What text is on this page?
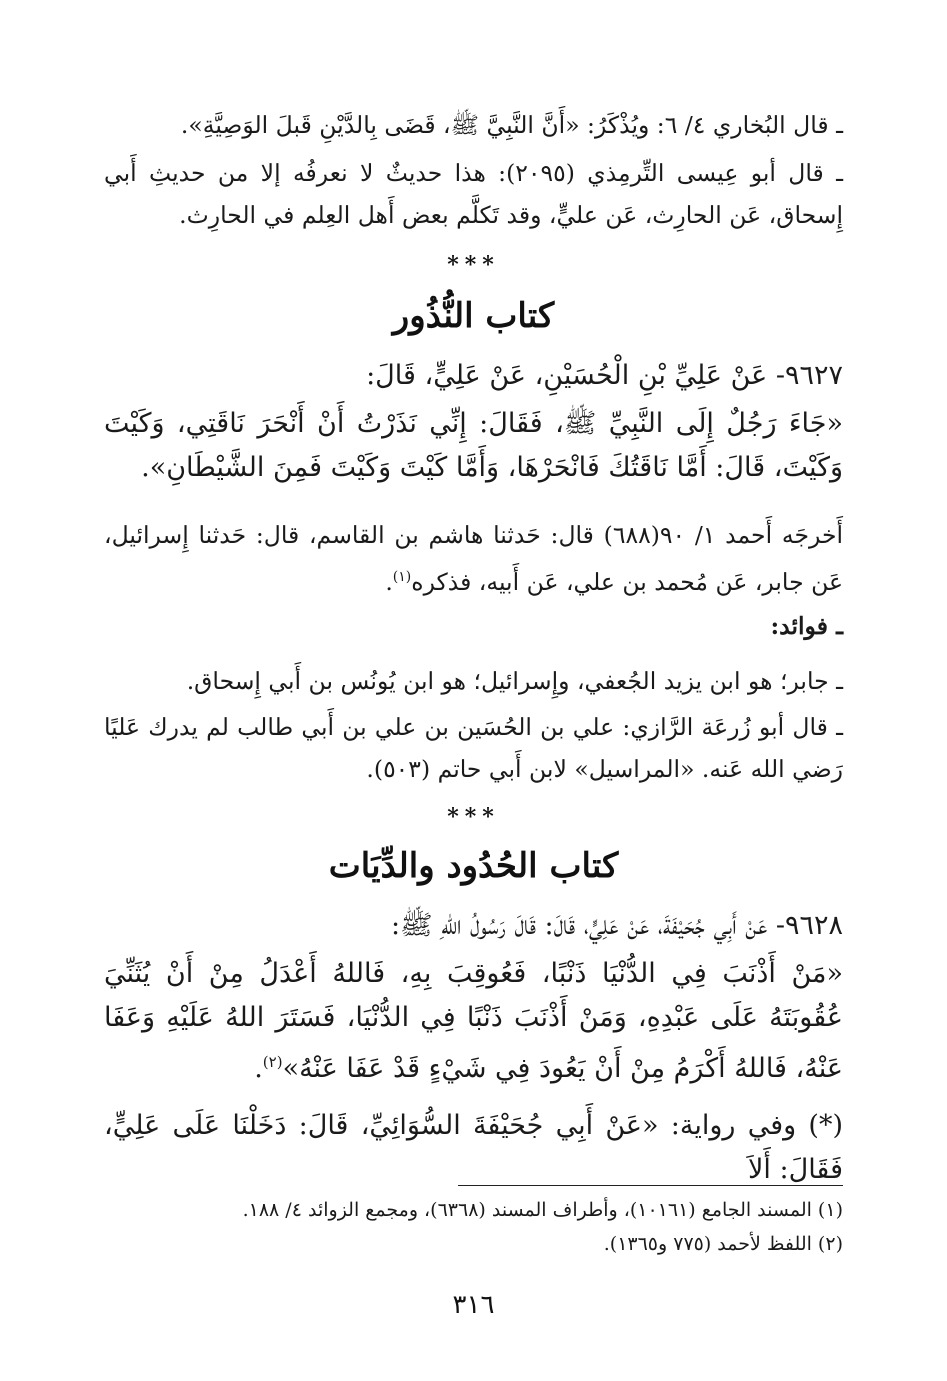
ـ قال البُخاري ٤/ ٦: ويُذْكَرُ: «أَنَّ النَّبِيَّ ﷺ، قَضَى بِالدَّيْنِ قَبلَ الوَصِيَّةِ».

ـ قال أبو عِيسى التِّرمِذي (٢٠٩٥): هذا حديثٌ لا نعرفُه إلا من حديثِ أَبي إِسحاق، عَن الحارِث، عَن عليٍّ، وقد تَكلَّم بعض أَهل العِلم في الحارِث.

***
كتاب النُّذُور

٩٦٢٧- عَنْ عَلِيِّ بْنِ الْحُسَيْنِ، عَنْ عَلِيٍّ، قَالَ:

«جَاءَ رَجُلٌ إِلَى النَّبِيِّ ﷺ، فَقَالَ: إِنِّي نَذَرْتُ أَنْ أَنْحَرَ نَاقَتِي، وَكَيْتَ وَكَيْتَ، قَالَ: أَمَّا نَاقَتُكَ فَانْحَرْهَا، وَأَمَّا كَيْتَ وَكَيْتَ فَمِنَ الشَّيْطَانِ».

أَخرجَه أَحمد ١/ ٩٠(٦٨٨) قال: حَدثنا هاشم بن القاسم، قال: حَدثنا إِسرائيل، عَن جابر، عَن مُحمد بن علي، عَن أَبيه، فذكره$^{(١)}$.

ـ فوائد:

ـ جابر؛ هو ابن يزيد الجُعفي، وإِسرائيل؛ هو ابن يُونُس بن أَبي إِسحاق.

ـ قال أبو زُرعَة الرَّازي: علي بن الحُسَين بن علي بن أَبي طالب لم يدرك عَليًا رَضي الله عَنه. «المراسيل» لابن أَبي حاتم (٥٠٣).

***
كتاب الحُدُود والدِّيَات

٩٦٢٨- عَنْ أَبِي جُحَيْفَةَ، عَنْ عَلِيٍّ، قَالَ: قَالَ رَسُولُ اللهِ ﷺ:

«مَنْ أَذْنَبَ فِي الدُّنْيَا ذَنْبًا، فَعُوقِبَ بِهِ، فَاللهُ أَعْدَلُ مِنْ أَنْ يُثَنِّيَ عُقُوبَتَهُ عَلَى عَبْدِهِ، وَمَنْ أَذْنَبَ ذَنْبًا فِي الدُّنْيَا، فَسَتَرَ اللهُ عَلَيْهِ وَعَفَا عَنْهُ، فَاللهُ أَكْرَمُ مِنْ أَنْ يَعُودَ فِي شَيْءٍ قَدْ عَفَا عَنْهُ»$^{(٢)}$.

(*) وفي رواية: «عَنْ أَبِي جُحَيْفَةَ السُّوَائِيِّ، قَالَ: دَخَلْنَا عَلَى عَلِيٍّ، فَقَالَ: أَلاَ

(١) المسند الجامع (١٠١٦١)، وأطراف المسند (٦٣٦٨)، ومجمع الزوائد ٤/ ١٨٨.

(٢) اللفظ لأحمد (٧٧٥ و١٣٦٥).

٣١٦
